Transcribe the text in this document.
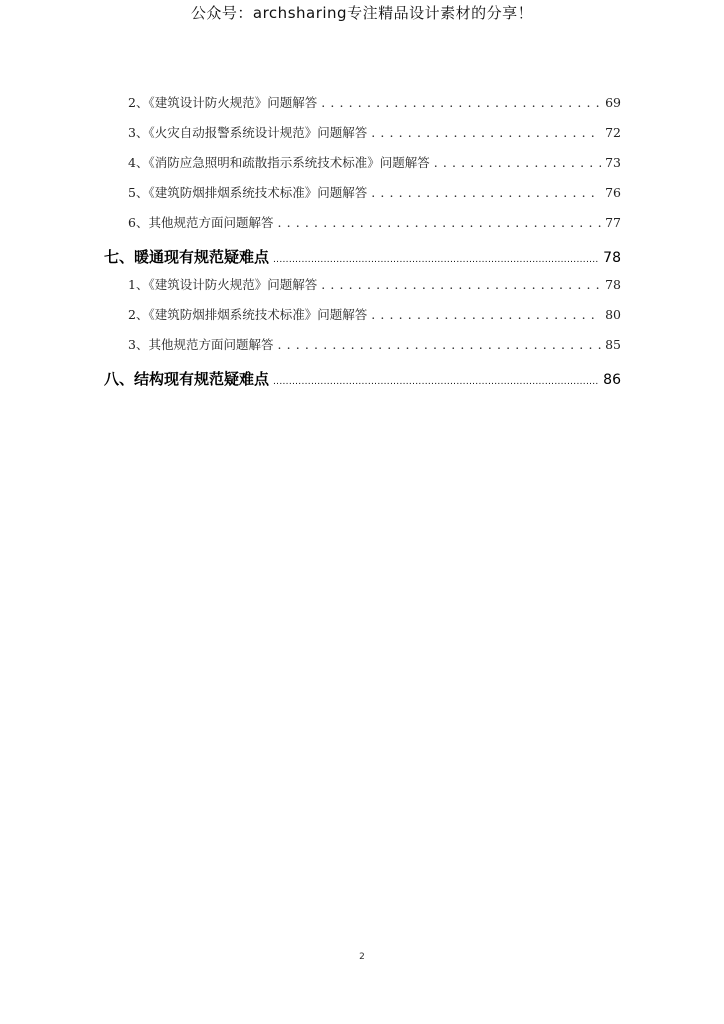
公众号：archsharing专注精品设计素材的分享！
2、《建筑设计防火规范》问题解答 . . .	69
3、《火灾自动报警系统设计规范》问题解答 . . .	72
4、《消防应急照明和疏散指示系统技术标准》问题解答 . . .	73
5、《建筑防烟排烟系统技术标准》问题解答 . . .	76
6、其他规范方面问题解答 . . .	77
七、暖通现有规范疑难点 .....	78
1、《建筑设计防火规范》问题解答 . . .	78
2、《建筑防烟排烟系统技术标准》问题解答 . . .	80
3、其他规范方面问题解答 . . .	85
八、结构现有规范疑难点 .....	86
2
